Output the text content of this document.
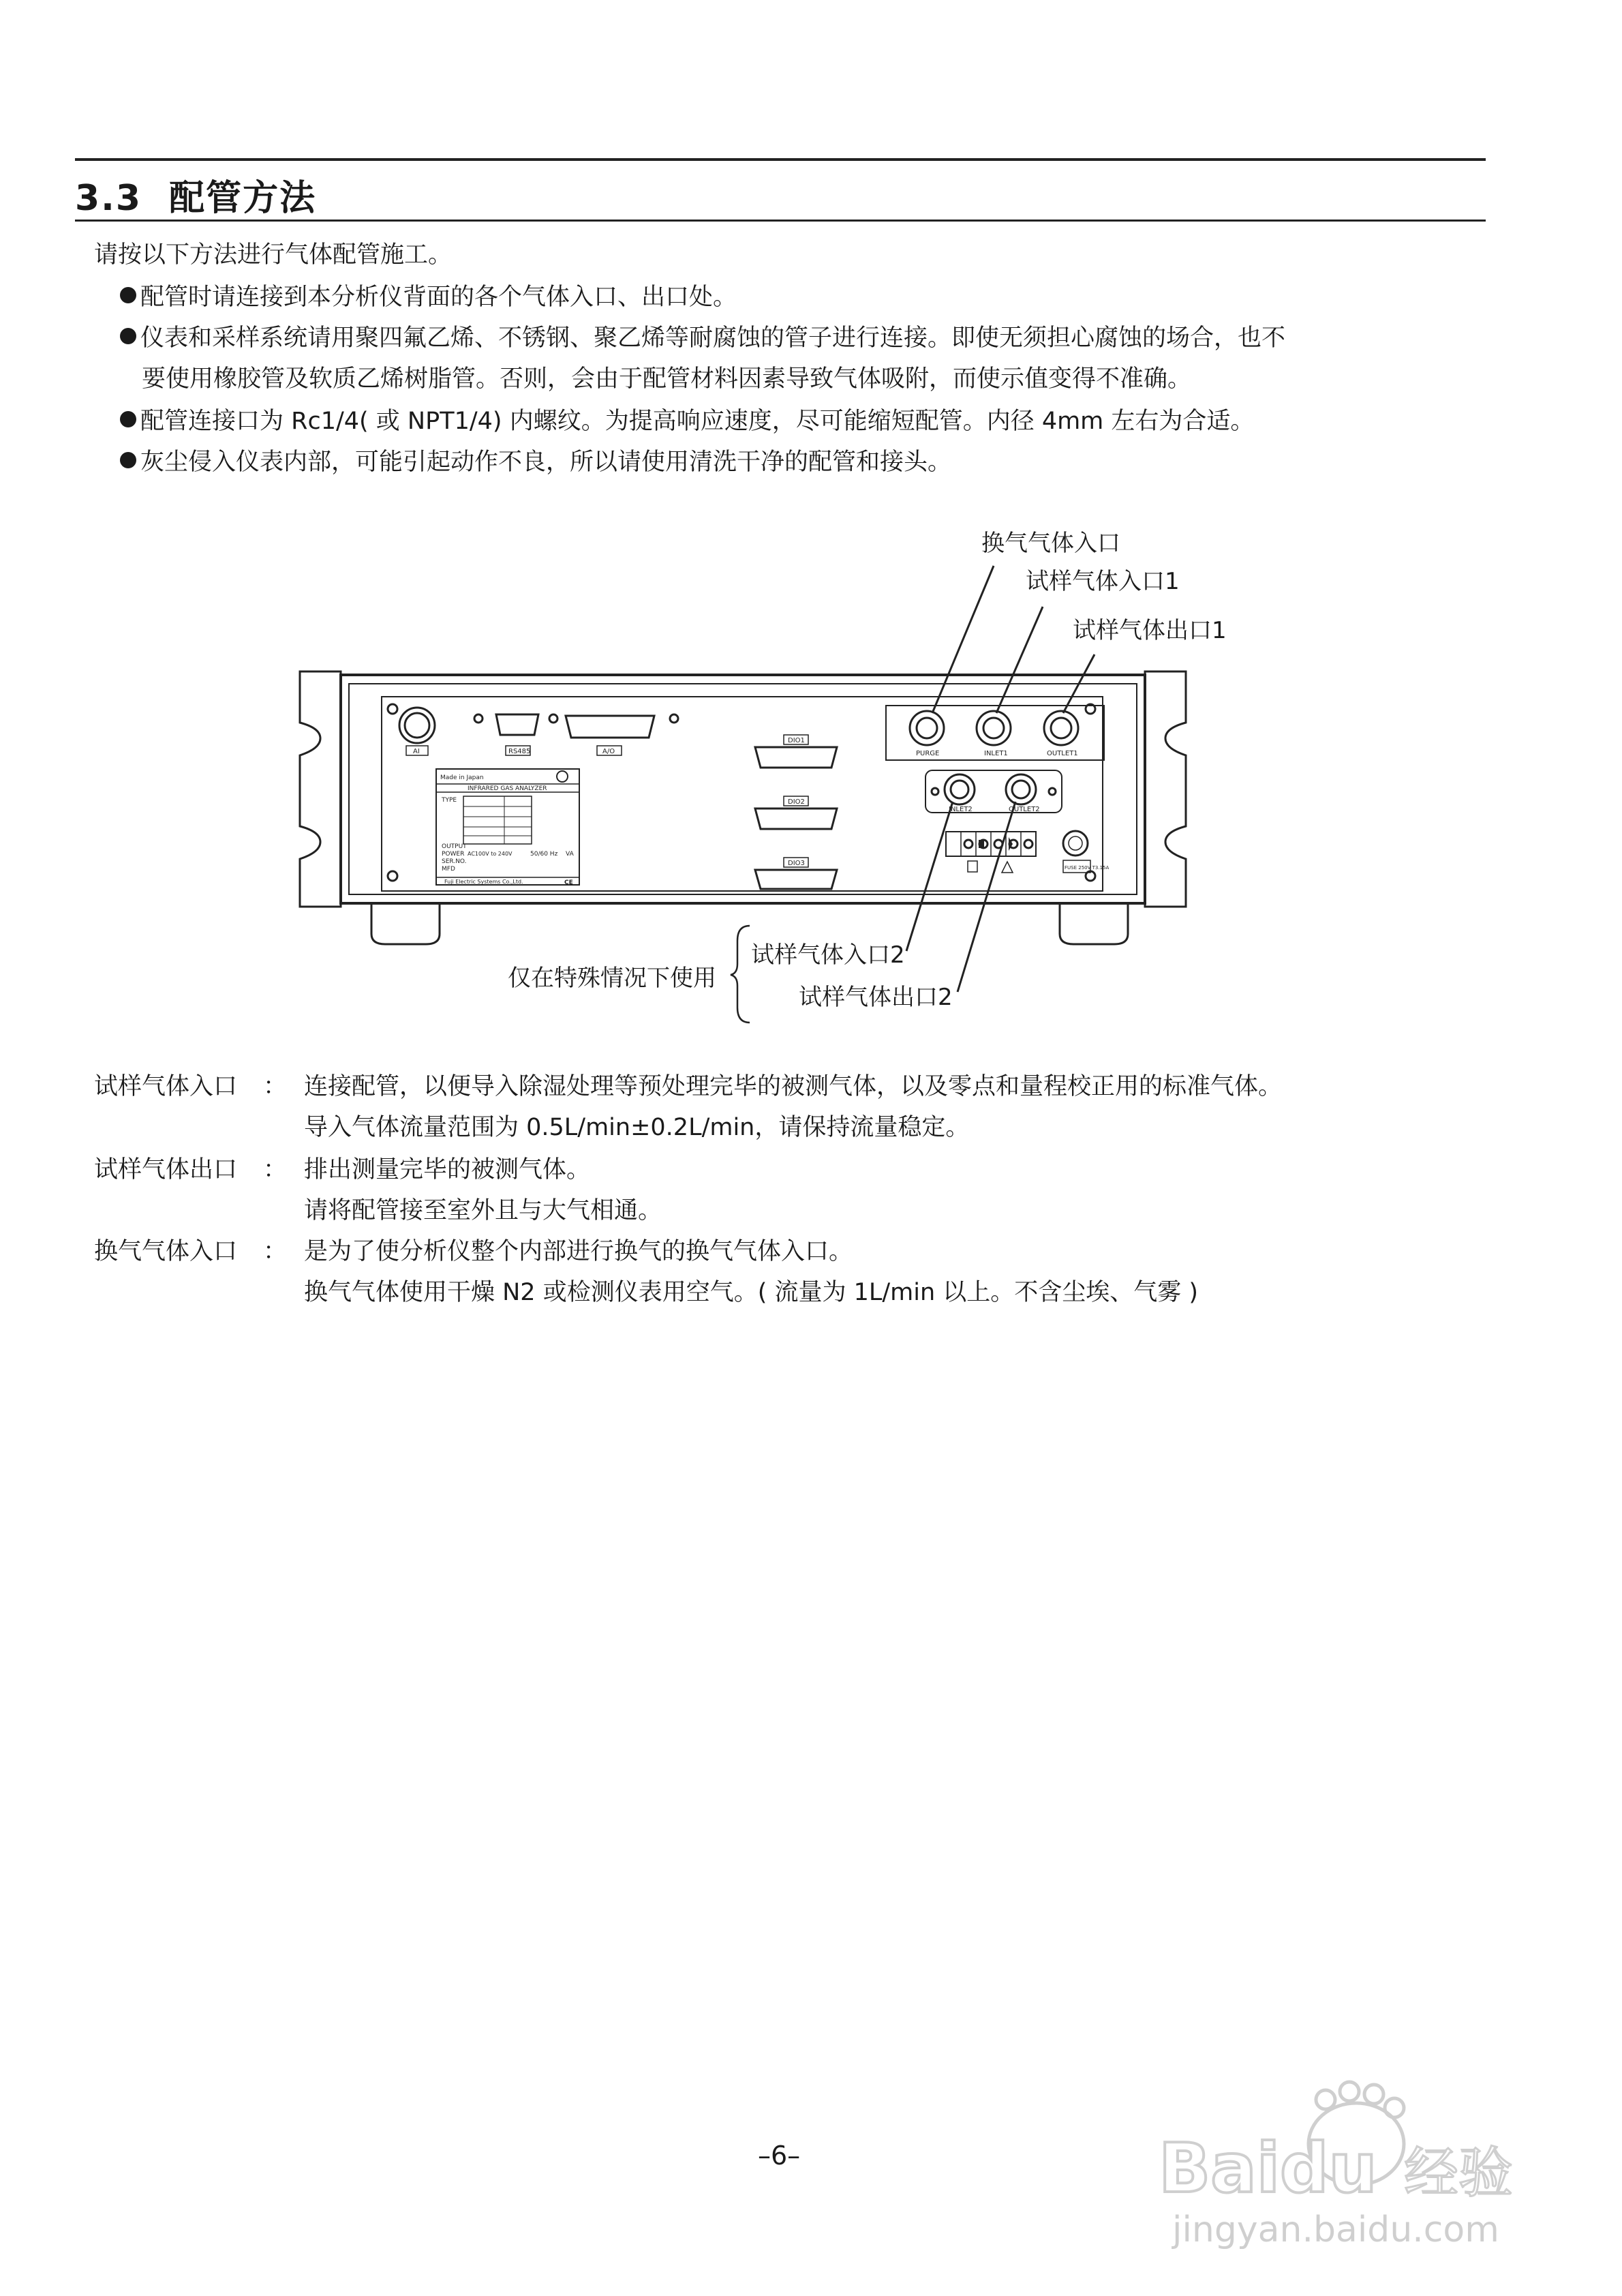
3.3 配管方法
请按以下方法进行气体配管施工。
配管时请连接到本分析仪背面的各个气体入口、出口处。
仪表和采样系统请用聚四氟乙烯、不锈钢、聚乙烯等耐腐蚀的管子进行连接。即使无须担心腐蚀的场合，也不
要使用橡胶管及软质乙烯树脂管。否则，会由于配管材料因素导致气体吸附，而使示值变得不准确。
配管连接口为 Rc1/4( 或 NPT1/4) 内螺纹。为提高响应速度，尽可能缩短配管。内径 4mm 左右为合适。
灰尘侵入仪表内部，可能引起动作不良，所以请使用清洗干净的配管和接头。
AI	RS485	A/O
DIO1
DIO2
DIO3
PURGE	INLET1	OUTLET1
INLET2	OUTLET2
FUSE 250V T3.15A
Made in Japan
CE
INFRARED GAS ANALYZER
TYPE
OUTPUT
POWER AC100V to 240V	50/60 Hz VA
SER.NO.
MFD
Fuji Electric Systems Co.,Ltd.
换气气体入口
试样气体入口1
试样气体出口1
试样气体入口2
试样气体出口2
仅在特殊情况下使用
试样气体入口 ： 连接配管，以便导入除湿处理等预处理完毕的被测气体，以及零点和量程校正用的标准气体。
导入气体流量范围为 0.5L/min±0.2L/min，请保持流量稳定。
试样气体出口 ： 排出测量完毕的被测气体。
请将配管接至室外且与大气相通。
换气气体入口 ： 是为了使分析仪整个内部进行换气的换气气体入口。
换气气体使用干燥 N2 或检测仪表用空气。( 流量为 1L/min 以上。不含尘埃、气雾 )
–6–	Baidu 经验
jingyan.baidu.com
